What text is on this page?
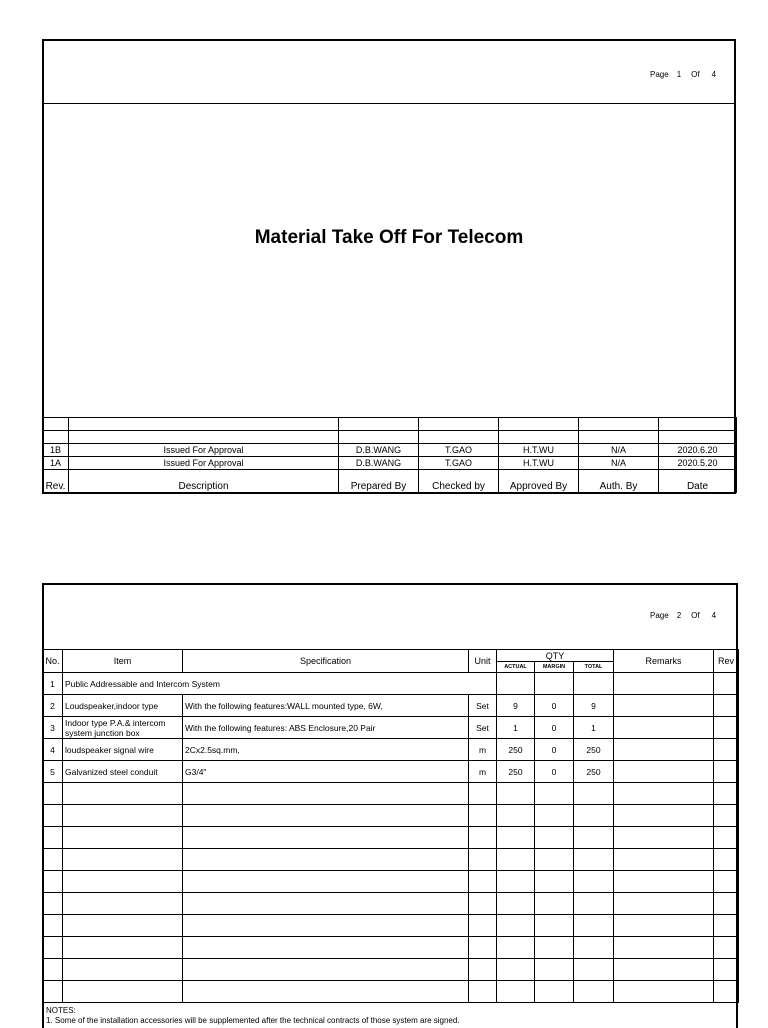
Page 1 Of 4
Material Take Off For Telecom

1B	Issued For Approval	D.B.WANG	T.GAO	H.T.WU	N/A	2020.6.20
1A	Issued For Approval	D.B.WANG	T.GAO	H.T.WU	N/A	2020.5.20
Rev.	Description	Prepared By	Checked by	Approved By	Auth. By	Date
Page 2 Of 4
No.	Item	Specification	Unit	QTY			Remarks	Rev
				ACTUAL	MARGIN	TOTAL		
1	Public Addressable and Intercom System							
2	Loudspeaker,indoor type	With the following features:WALL mounted type, 6W,	Set	9	0	9		
3	Indoor type P.A.& intercom system junction box	With the following features: ABS Enclosure,20 Pair	Set	1	0	1		
4	loudspeaker signal wire	2Cx2.5sq.mm,	m	250	0	250		
5	Galvanized steel conduit	G3/4"	m	250	0	250		

NOTES:
1. Some of the installation accessories will be supplemented after the technical contracts of those system are signed.
